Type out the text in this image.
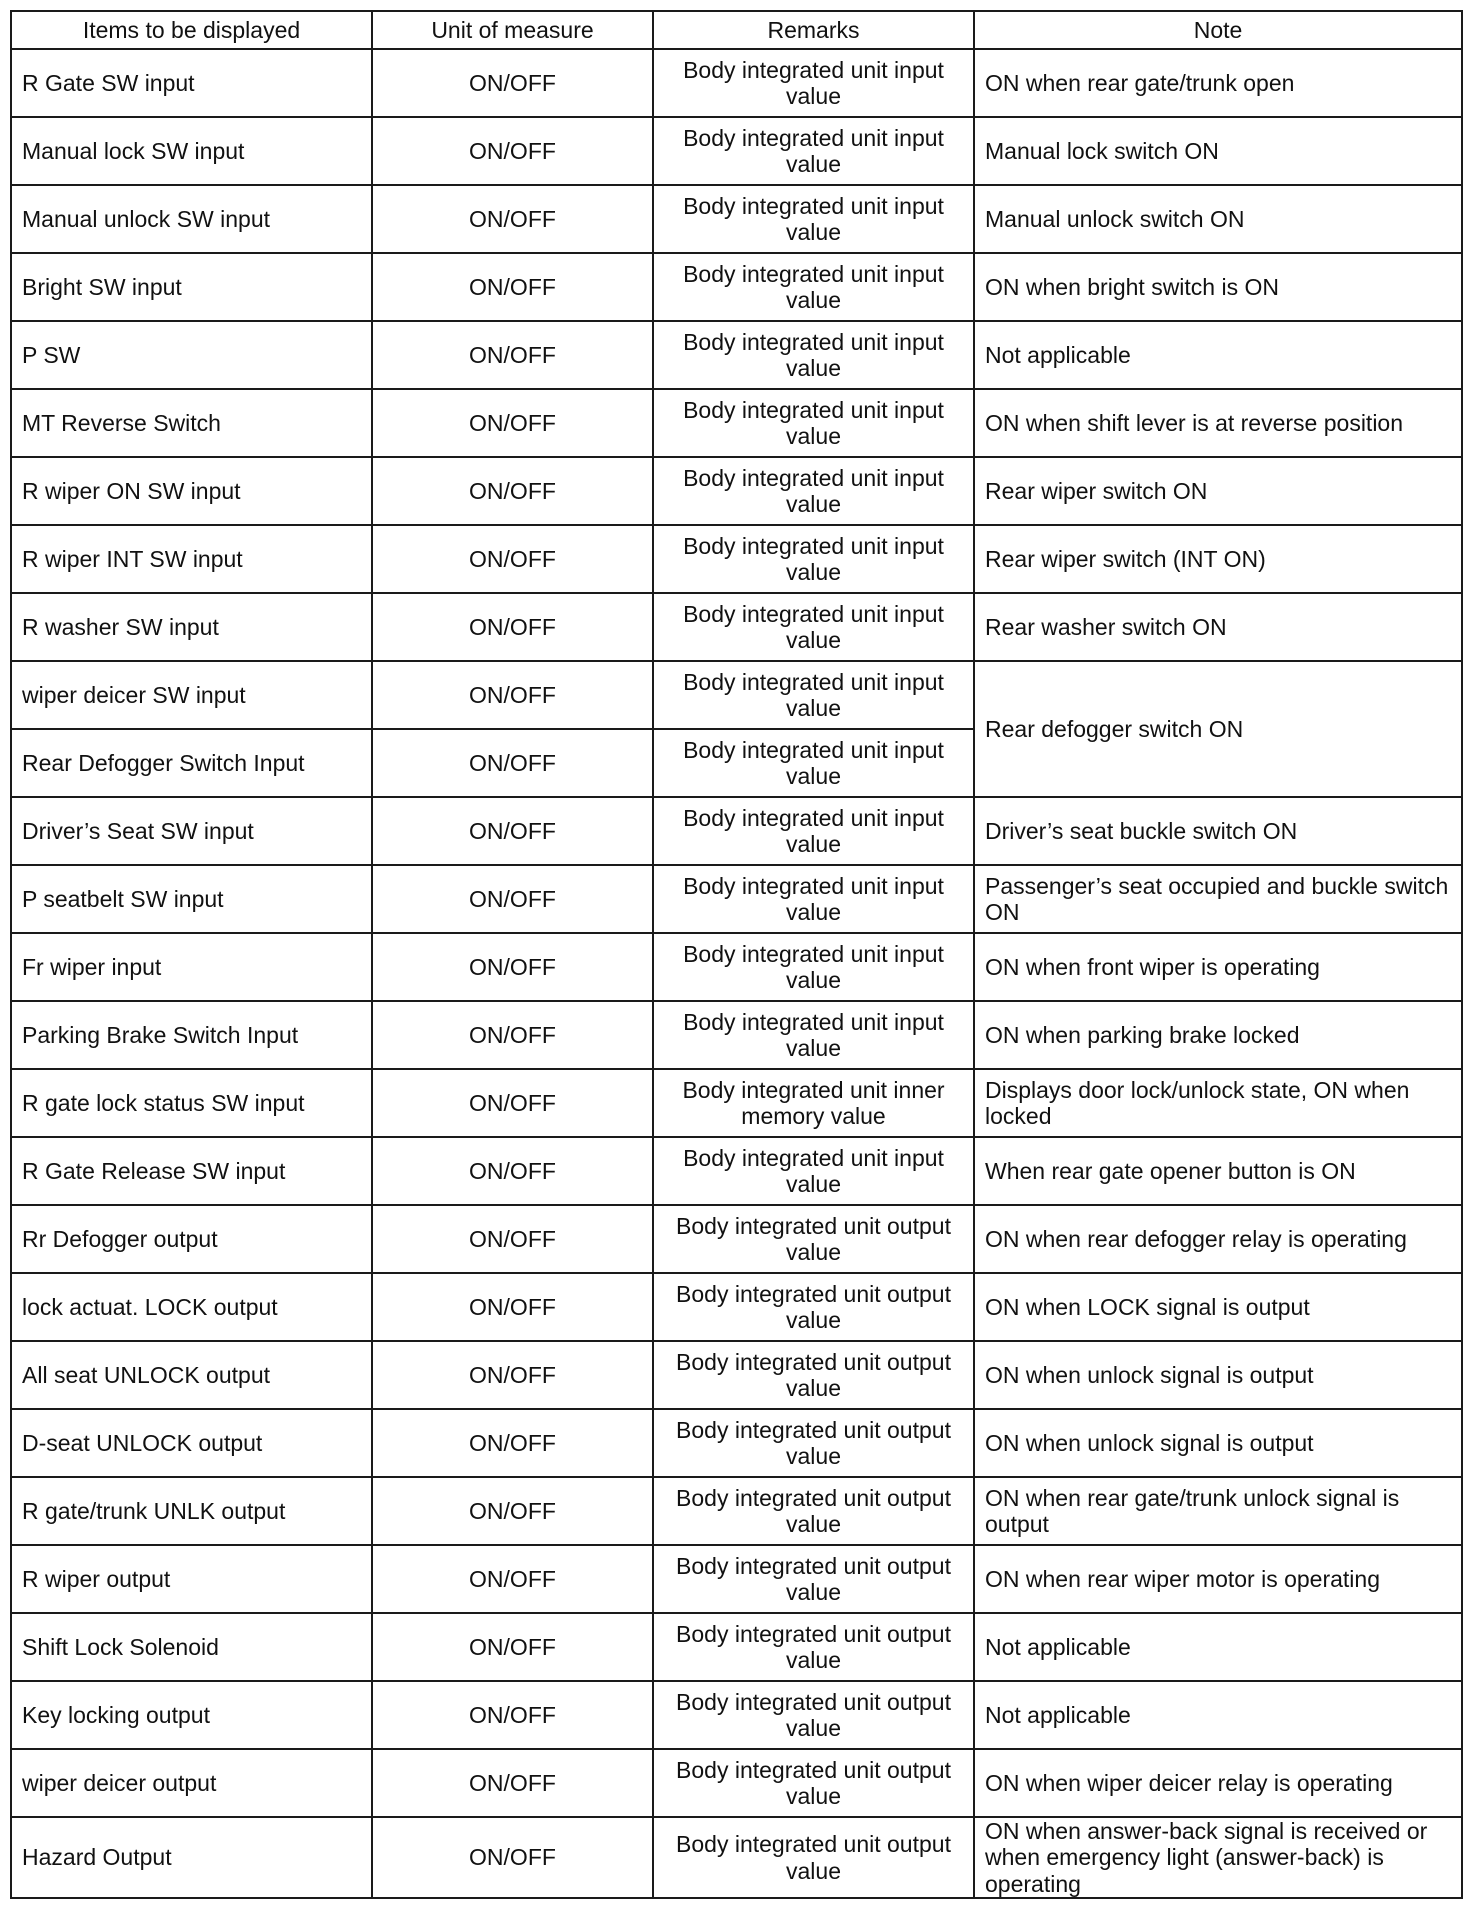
Items to be displayed	Unit of measure	Remarks	Note
R Gate SW input	ON/OFF	Body integrated unit input value	ON when rear gate/trunk open
Manual lock SW input	ON/OFF	Body integrated unit input value	Manual lock switch ON
Manual unlock SW input	ON/OFF	Body integrated unit input value	Manual unlock switch ON
Bright SW input	ON/OFF	Body integrated unit input value	ON when bright switch is ON
P SW	ON/OFF	Body integrated unit input value	Not applicable
MT Reverse Switch	ON/OFF	Body integrated unit input value	ON when shift lever is at reverse position
R wiper ON SW input	ON/OFF	Body integrated unit input value	Rear wiper switch ON
R wiper INT SW input	ON/OFF	Body integrated unit input value	Rear wiper switch (INT ON)
R washer SW input	ON/OFF	Body integrated unit input value	Rear washer switch ON
wiper deicer SW input	ON/OFF	Body integrated unit input value	Rear defogger switch ON
Rear Defogger Switch Input	ON/OFF	Body integrated unit input value	
Driver’s Seat SW input	ON/OFF	Body integrated unit input value	Driver’s seat buckle switch ON
P seatbelt SW input	ON/OFF	Body integrated unit input value	Passenger’s seat occupied and buckle switch ON
Fr wiper input	ON/OFF	Body integrated unit input value	ON when front wiper is operating
Parking Brake Switch Input	ON/OFF	Body integrated unit input value	ON when parking brake locked
R gate lock status SW input	ON/OFF	Body integrated unit inner memory value	Displays door lock/unlock state, ON when locked
R Gate Release SW input	ON/OFF	Body integrated unit input value	When rear gate opener button is ON
Rr Defogger output	ON/OFF	Body integrated unit output value	ON when rear defogger relay is operating
lock actuat. LOCK output	ON/OFF	Body integrated unit output value	ON when LOCK signal is output
All seat UNLOCK output	ON/OFF	Body integrated unit output value	ON when unlock signal is output
D-seat UNLOCK output	ON/OFF	Body integrated unit output value	ON when unlock signal is output
R gate/trunk UNLK output	ON/OFF	Body integrated unit output value	ON when rear gate/trunk unlock signal is output
R wiper output	ON/OFF	Body integrated unit output value	ON when rear wiper motor is operating
Shift Lock Solenoid	ON/OFF	Body integrated unit output value	Not applicable
Key locking output	ON/OFF	Body integrated unit output value	Not applicable
wiper deicer output	ON/OFF	Body integrated unit output value	ON when wiper deicer relay is operating
Hazard Output	ON/OFF	Body integrated unit output value	ON when answer-back signal is received or when emergency light (answer-back) is operating
